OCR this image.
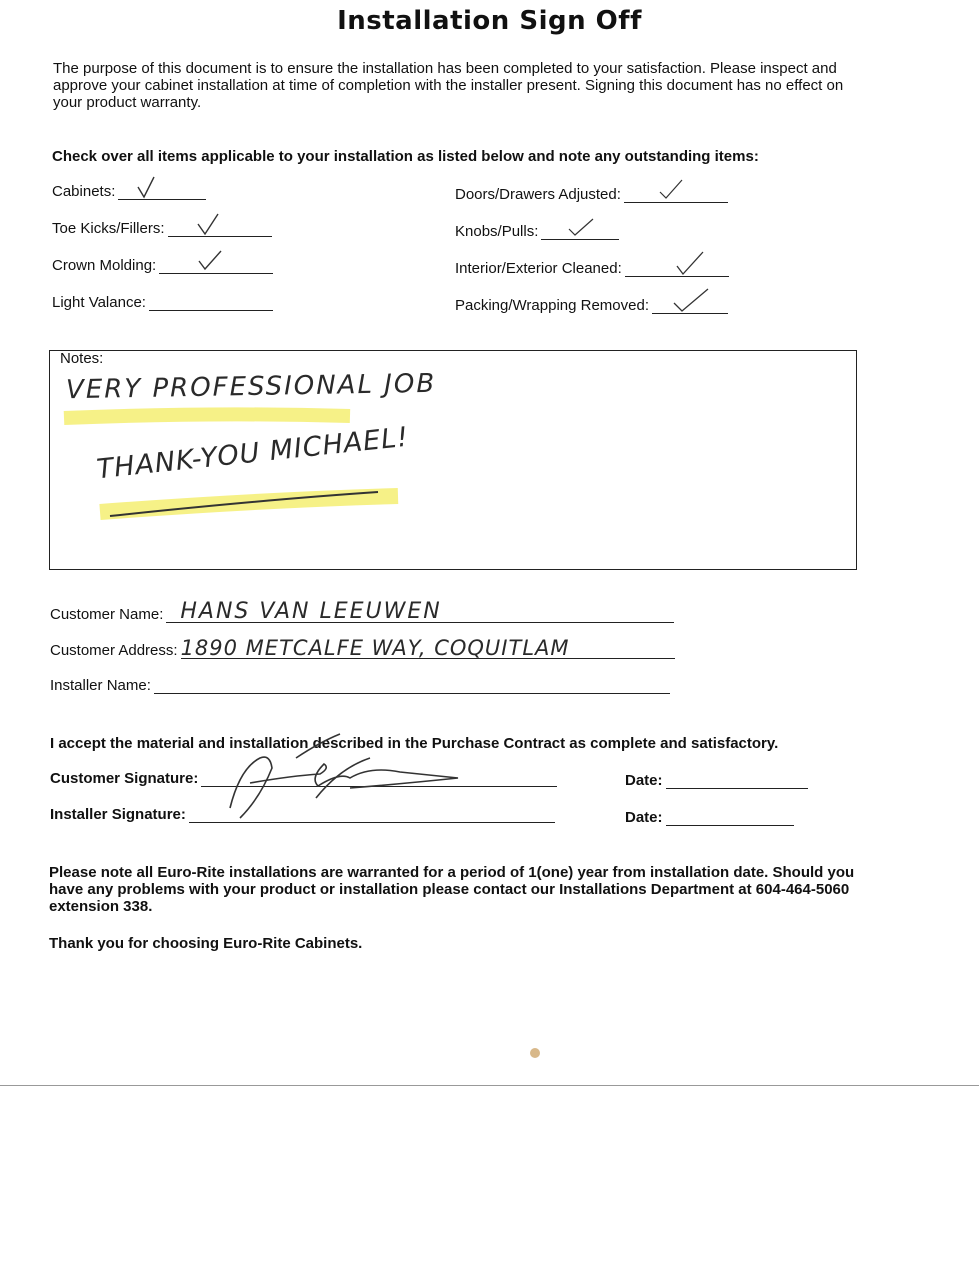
Installation Sign Off
The purpose of this document is to ensure the installation has been completed to your satisfaction. Please inspect and approve your cabinet installation at time of completion with the installer present. Signing this document has no effect on your product warranty.
Check over all items applicable to your installation as listed below and note any outstanding items:
Cabinets:
Toe Kicks/Fillers:
Crown Molding:
Light Valance:
Doors/Drawers Adjusted:
Knobs/Pulls:
Interior/Exterior Cleaned:
Packing/Wrapping Removed:
Notes:
VERY PROFESSIONAL JOB
THANK-YOU MICHAEL!
Customer Name: HANS VAN LEEUWEN
Customer Address: 1890 METCALFE WAY, COQUITLAM
Installer Name:
I accept the material and installation described in the Purchase Contract as complete and satisfactory.
Customer Signature:	Date:
Installer Signature:	Date:
Please note all Euro-Rite installations are warranted for a period of 1(one) year from installation date. Should you have any problems with your product or installation please contact our Installations Department at 604-464-5060 extension 338.
Thank you for choosing Euro-Rite Cabinets.
